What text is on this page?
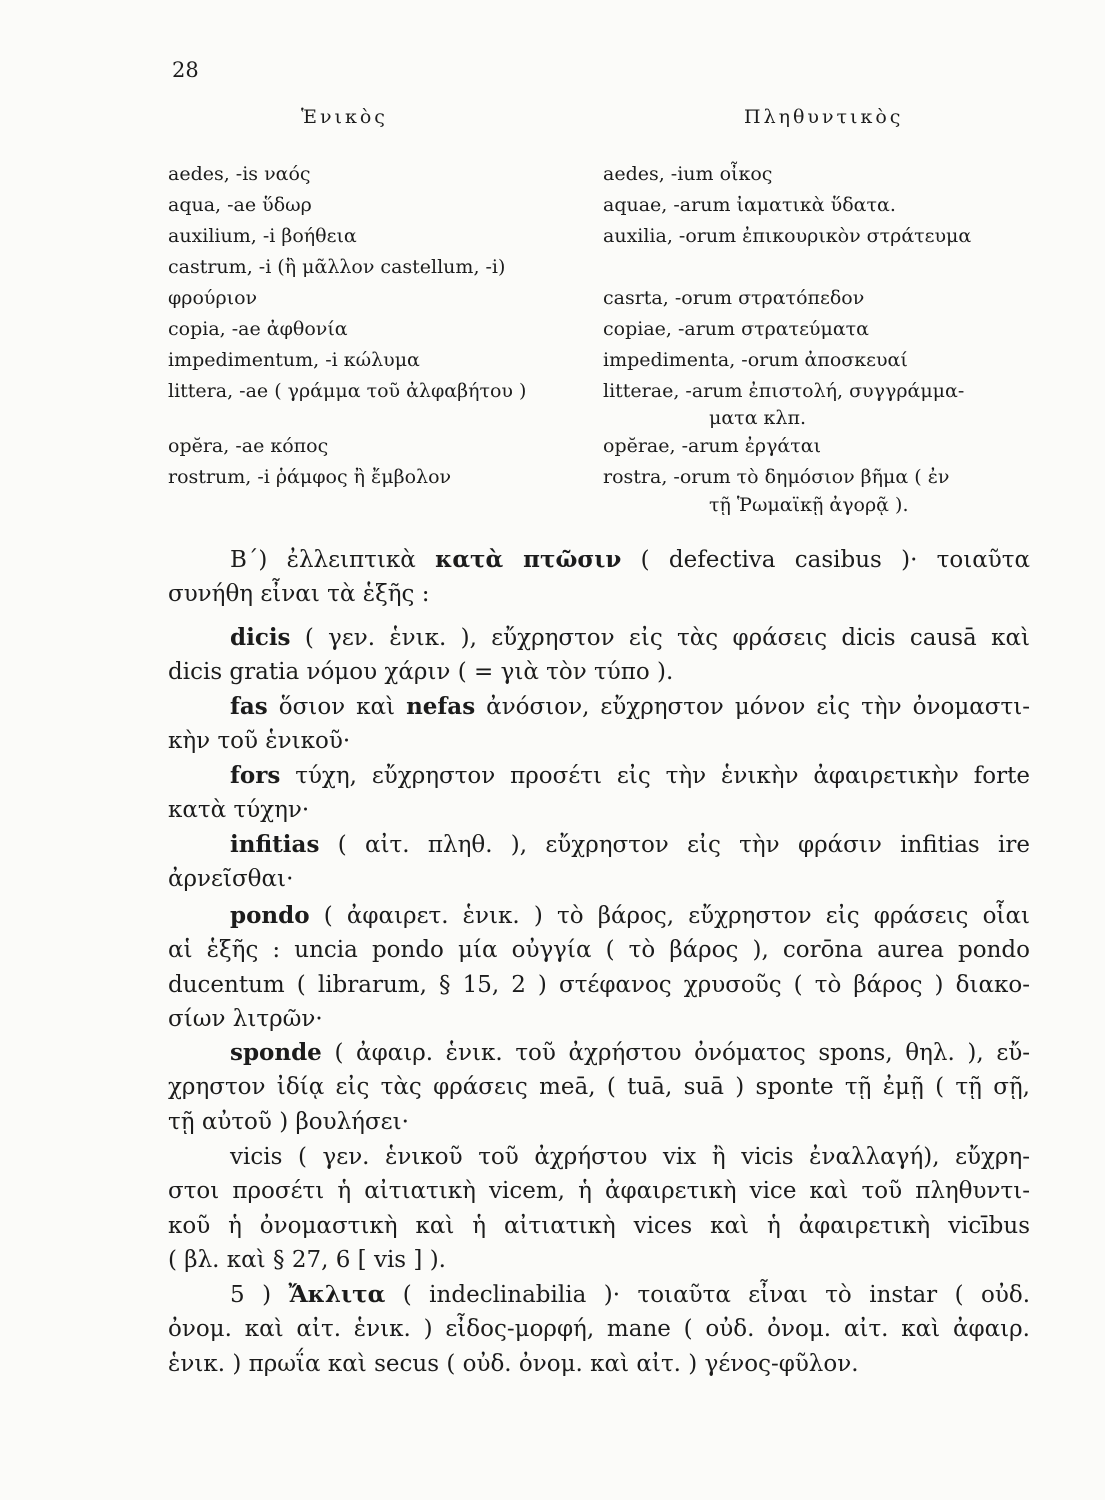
28
Ἑνικὸς	Πληθυντικὸς
aedes, -is ναός
aqua, -ae ὕδωρ
auxilium, -i βοήθεια
castrum, -i (ἢ μᾶλλον castellum, -i)
φρούριον
copia, -ae ἀφθονία
impedimentum, -i κώλυμα
littera, -ae ( γράμμα τοῦ ἀλφαβήτου )
opĕra, -ae κόπος
rostrum, -i ῥάμφος ἢ ἔμβολον
aedes, -ium οἶκος
aquae, -arum ἰαματικὰ ὕδατα.
auxilia, -orum ἐπικουρικὸν στράτευμα
casrta, -orum στρατόπεδον
copiae, -arum στρατεύματα
impedimenta, -orum ἀποσκευαί
litterae, -arum ἐπιστολή, συγγράμμα-
ματα κλπ.
opĕrae, -arum ἐργάται
rostra, -orum τὸ δημόσιον βῆμα ( ἐν
τῇ Ῥωμαϊκῇ ἀγορᾷ ).
Β΄) ἐλλειπτικὰ κατὰ πτῶσιν ( defectiva casibus )· τοιαῦτα
συνήθη εἶναι τὰ ἑξῆς :
dicis ( γεν. ἑνικ. ), εὔχρηστον εἰς τὰς φράσεις dicis causā καὶ
dicis gratia νόμου χάριν ( = γιὰ τὸν τύπο ).
fas ὅσιον καὶ nefas ἀνόσιον, εὔχρηστον μόνον εἰς τὴν ὀνομαστι-
κὴν τοῦ ἑνικοῦ·
fors τύχη, εὔχρηστον προσέτι εἰς τὴν ἑνικὴν ἀφαιρετικὴν forte
κατὰ τύχην·
infitias ( αἰτ. πληθ. ), εὔχρηστον εἰς τὴν φράσιν infitias ire
ἀρνεῖσθαι·
pondo ( ἀφαιρετ. ἑνικ. ) τὸ βάρος, εὔχρηστον εἰς φράσεις οἷαι
αἱ ἑξῆς : uncia pondo μία οὐγγία ( τὸ βάρος ), corōna aurea pondo
ducentum ( librarum, § 15, 2 ) στέφανος χρυσοῦς ( τὸ βάρος ) διακο-
σίων λιτρῶν·
sponde ( ἀφαιρ. ἑνικ. τοῦ ἀχρήστου ὀνόματος spons, θηλ. ), εὔ-
χρηστον ἰδίᾳ εἰς τὰς φράσεις meā, ( tuā, suā ) sponte τῇ ἐμῇ ( τῇ σῇ,
τῇ αὐτοῦ ) βουλήσει·
vicis ( γεν. ἑνικοῦ τοῦ ἀχρήστου vix ἢ vicis ἐναλλαγή), εὔχρη-
στοι προσέτι ἡ αἰτιατικὴ vicem, ἡ ἀφαιρετικὴ vice καὶ τοῦ πληθυντι-
κοῦ ἡ ὀνομαστικὴ καὶ ἡ αἰτιατικὴ vices καὶ ἡ ἀφαιρετικὴ vicībus
( βλ. καὶ § 27, 6 [ vis ] ).
5 ) Ἄκλιτα ( indeclinabilia )· τοιαῦτα εἶναι τὸ instar ( οὐδ.
ὀνομ. καὶ αἰτ. ἑνικ. ) εἶδος-μορφή, mane ( οὐδ. ὀνομ. αἰτ. καὶ ἀφαιρ.
ἑνικ. ) πρωΐα καὶ secus ( οὐδ. ὀνομ. καὶ αἰτ. ) γένος-φῦλον.
